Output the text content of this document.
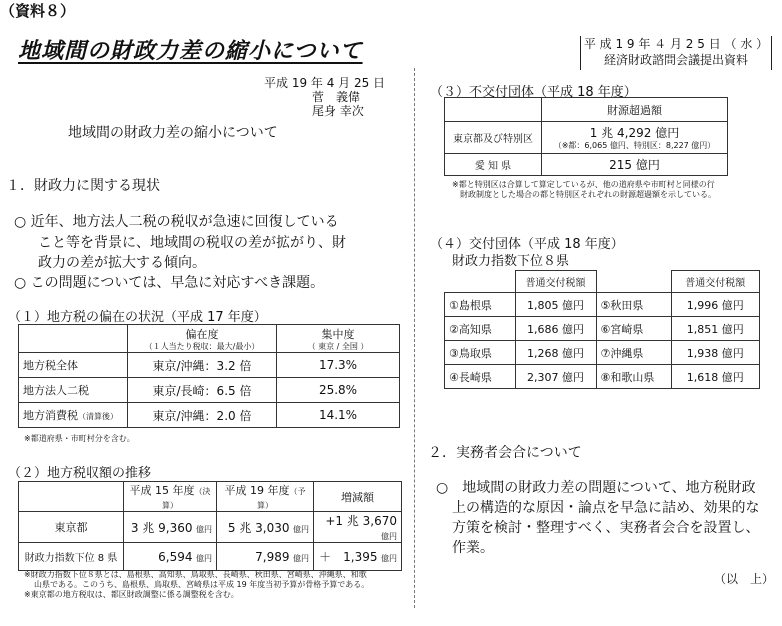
（資料８）
地域間の財政力差の縮小について	平 成 1 9 年 ４ 月 2 5 日 （ 水 ）
経済財政諮問会議提出資料
平成 19 年 4 月 25 日
菅　義偉
尾身 幸次
地域間の財政力差の縮小について
１．財政力に関する現状
○ 近年、地方法人二税の税収が急速に回復している
こと等を背景に、地域間の税収の差が拡がり、財
政力の差が拡大する傾向。
○ この問題については、早急に対応すべき課題。
（１）地方税の偏在の状況（平成 17 年度）
	偏在度
（１人当たり税収：最大/最小）	集中度
（ 東京 / 全国 ）

地方税全体	東京/沖縄：3.2 倍	17.3%
地方法人二税	東京/長崎：6.5 倍	25.8%
地方消費税（清算後）	東京/沖縄：2.0 倍	14.1%
※都道府県・市町村分を含む。
（２）地方税収額の推移
	平成 15 年度（決算）	平成 19 年度（予算）	増減額
東京都	3 兆 9,360 億円	5 兆 3,030 億円	+1 兆 3,670 億円
財政力指数下位 8 県	6,594 億円	7,989 億円	＋　1,395 億円
※財政力指数下位８県とは、島根県、高知県、鳥取県、長崎県、秋田県、宮崎県、沖縄県、和歌
山県である。このうち、島根県、鳥取県、宮崎県は平成 19 年度当初予算が骨格予算である。
※東京都の地方税収は、都区財政調整に係る調整税を含む。
（３）不交付団体（平成 18 年度）
	財源超過額
東京都及び特別区	1 兆 4,292 億円
（※都：6,065 億円、特別区：8,227 億円）

愛 知 県	215 億円
※都と特別区は合算して算定しているが、他の道府県や市町村と同様の行
財政制度とした場合の都と特別区それぞれの財源超過額を示している。
（４）交付団体（平成 18 年度）
財政力指数下位８県
	普通交付税額		普通交付税額
①島根県	1,805 億円	⑤秋田県	1,996 億円
②高知県	1,686 億円	⑥宮崎県	1,851 億円
③鳥取県	1,268 億円	⑦沖縄県	1,938 億円
④長崎県	2,307 億円	⑧和歌山県	1,618 億円
２．実務者会合について
○　地域間の財政力差の問題について、地方税財政
上の構造的な原因・論点を早急に詰め、効果的な
方策を検討・整理すべく、実務者会合を設置し、
作業。
（以　上）
